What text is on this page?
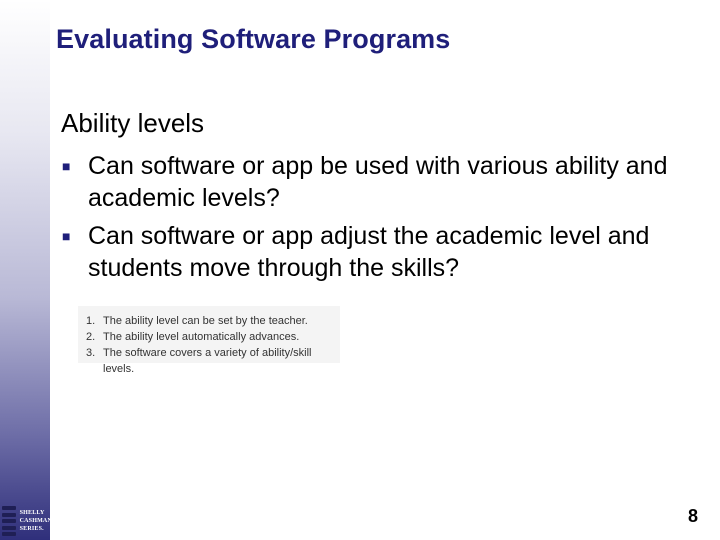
SHELLY
CASHMAN
SERIES.
Evaluating Software Programs
Ability levels
■ Can software or app be used with various ability and academic levels?
■ Can software or app adjust the academic level and students move through the skills?
1. The ability level can be set by the teacher.
2. The ability level automatically advances.
3. The software covers a variety of ability/skill levels.
8
